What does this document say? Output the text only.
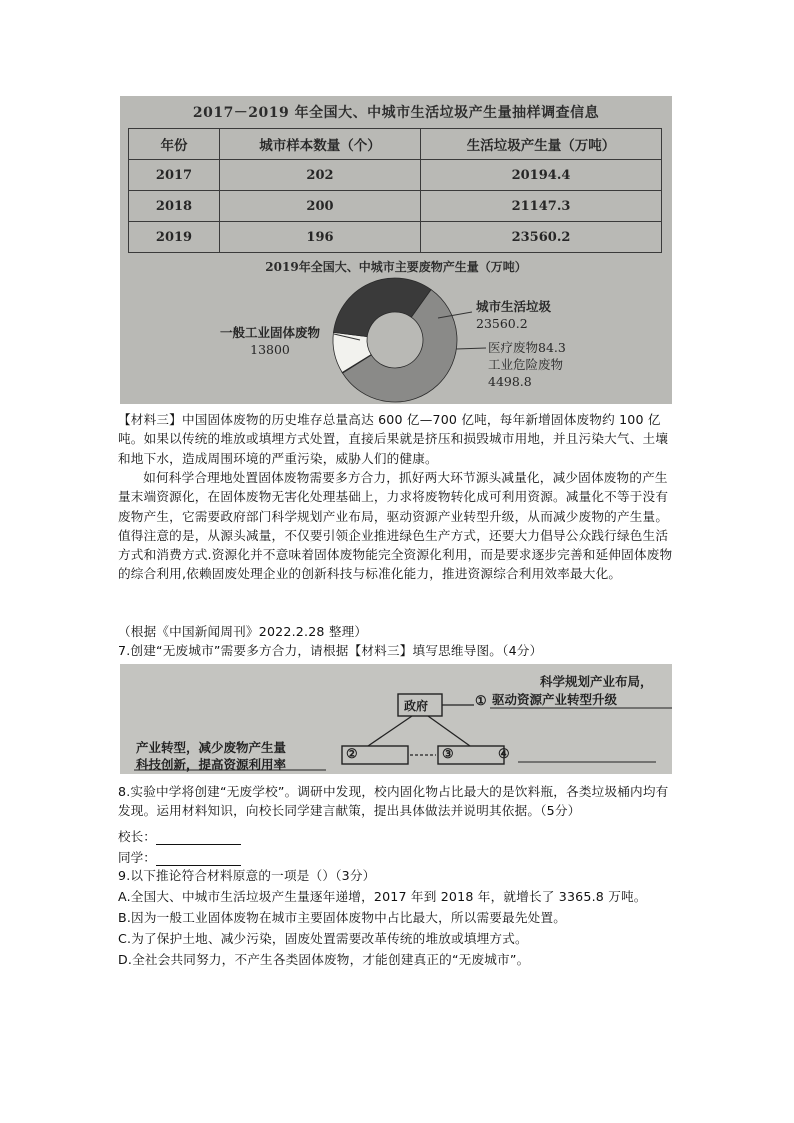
2017－2019 年全国大、中城市生活垃圾产生量抽样调查信息
年份	城市样本数量（个）	生活垃圾产生量（万吨）
2017	202	20194.4
2018	200	21147.3
2019	196	23560.2
2019年全国大、中城市主要废物产生量（万吨）
一般工业固体废物
13800
城市生活垃圾
23560.2
医疗废物84.3
工业危险废物
4498.8
【材料三】中国固体废物的历史堆存总量高达 600 亿—700 亿吨，每年新增固体废物约 100 亿吨。如果以传统的堆放或填埋方式处置，直接后果就是挤压和损毁城市用地，并且污染大气、土壤和地下水，造成周围环境的严重污染，威胁人们的健康。
如何科学合理地处置固体废物需要多方合力，抓好两大环节源头减量化，减少固体废物的产生量末端资源化，在固体废物无害化处理基础上，力求将废物转化成可利用资源。减量化不等于没有废物产生，它需要政府部门科学规划产业布局，驱动资源产业转型升级，从而减少废物的产生量。值得注意的是，从源头减量，不仅要引领企业推进绿色生产方式，还要大力倡导公众践行绿色生活方式和消费方式.资源化并不意味着固体废物能完全资源化利用，而是要求逐步完善和延伸固体废物的综合利用,依赖固废处理企业的创新科技与标准化能力，推进资源综合利用效率最大化。
（根据《中国新闻周刊》2022.2.28 整理）
7.创建“无废城市”需要多方合力，请根据【材料三】填写思维导图。（4分）
政府	①
②	③	④
科学规划产业布局，
驱动资源产业转型升级
产业转型，减少废物产生量
科技创新，提高资源利用率
8.实验中学将创建“无废学校”。调研中发现，校内固化物占比最大的是饮料瓶，各类垃圾桶内均有发现。运用材料知识，向校长同学建言献策，提出具体做法并说明其依据。（5分）
校长：
同学：
9.以下推论符合材料原意的一项是（）（3分）
A.全国大、中城市生活垃圾产生量逐年递增，2017 年到 2018 年，就增长了 3365.8 万吨。
B.因为一般工业固体废物在城市主要固体废物中占比最大，所以需要最先处置。
C.为了保护土地、减少污染，固废处置需要改革传统的堆放或填埋方式。
D.全社会共同努力，不产生各类固体废物，才能创建真正的“无废城市”。
